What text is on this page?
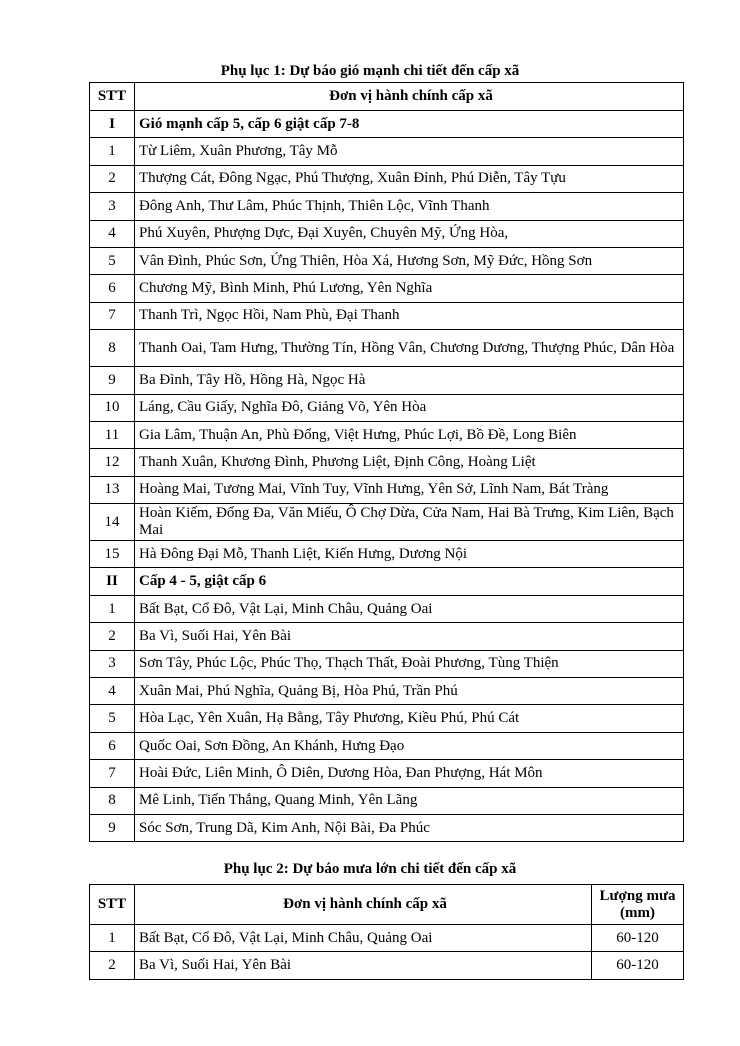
Phụ lục 1: Dự báo gió mạnh chi tiết đến cấp xã
STT	Đơn vị hành chính cấp xã
I	Gió mạnh cấp 5, cấp 6 giật cấp 7-8
1	Từ Liêm, Xuân Phương, Tây Mỗ
2	Thượng Cát, Đông Ngạc, Phú Thượng, Xuân Đỉnh, Phú Diễn, Tây Tựu
3	Đông Anh, Thư Lâm, Phúc Thịnh, Thiên Lộc, Vĩnh Thanh
4	Phú Xuyên, Phượng Dực, Đại Xuyên, Chuyên Mỹ, Ứng Hòa,
5	Vân Đình, Phúc Sơn, Ứng Thiên, Hòa Xá, Hương Sơn, Mỹ Đức, Hồng Sơn
6	Chương Mỹ, Bình Minh, Phú Lương, Yên Nghĩa
7	Thanh Trì, Ngọc Hồi, Nam Phù, Đại Thanh
8	Thanh Oai, Tam Hưng, Thường Tín, Hồng Vân, Chương Dương, Thượng Phúc, Dân Hòa
9	Ba Đình, Tây Hồ, Hồng Hà, Ngọc Hà
10	Láng, Cầu Giấy, Nghĩa Đô, Giảng Võ, Yên Hòa
11	Gia Lâm, Thuận An, Phù Đổng, Việt Hưng, Phúc Lợi, Bồ Đề, Long Biên
12	Thanh Xuân, Khương Đình, Phương Liệt, Định Công, Hoàng Liệt
13	Hoàng Mai, Tương Mai, Vĩnh Tuy, Vĩnh Hưng, Yên Sở, Lĩnh Nam, Bát Tràng
14	Hoàn Kiếm, Đống Đa, Văn Miếu, Ô Chợ Dừa, Cửa Nam, Hai Bà Trưng, Kim Liên, Bạch Mai
15	Hà Đông Đại Mỗ, Thanh Liệt, Kiến Hưng, Dương Nội
II	Cấp 4 - 5, giật cấp 6
1	Bất Bạt, Cổ Đô, Vật Lại, Minh Châu, Quảng Oai
2	Ba Vì, Suối Hai, Yên Bài
3	Sơn Tây, Phúc Lộc, Phúc Thọ, Thạch Thất, Đoài Phương, Tùng Thiện
4	Xuân Mai, Phú Nghĩa, Quảng Bị, Hòa Phú, Trần Phú
5	Hòa Lạc, Yên Xuân, Hạ Bằng, Tây Phương, Kiều Phú, Phú Cát
6	Quốc Oai, Sơn Đồng, An Khánh, Hưng Đạo
7	Hoài Đức, Liên Minh, Ô Diên, Dương Hòa, Đan Phượng, Hát Môn
8	Mê Linh, Tiến Thắng, Quang Minh, Yên Lãng
9	Sóc Sơn, Trung Dã, Kim Anh, Nội Bài, Đa Phúc
Phụ lục 2: Dự báo mưa lớn chi tiết đến cấp xã
STT	Đơn vị hành chính cấp xã	Lượng mưa (mm)
1	Bất Bạt, Cổ Đô, Vật Lại, Minh Châu, Quảng Oai	60-120
2	Ba Vì, Suối Hai, Yên Bài	60-120
